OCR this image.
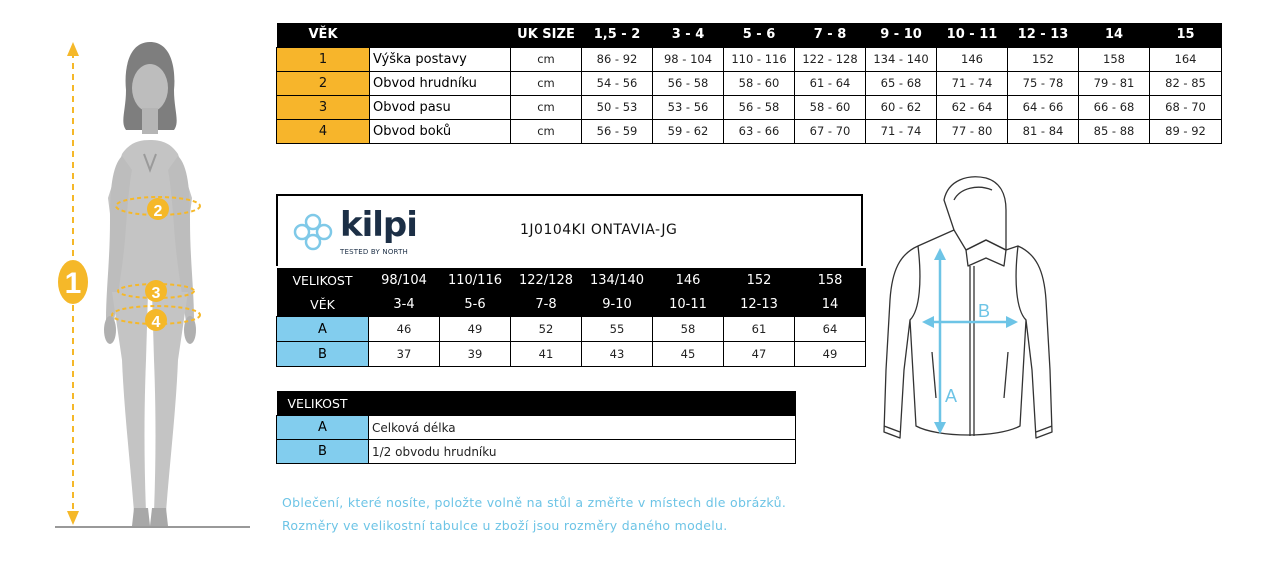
1
2
3
4
VĚK		UK SIZE	1,5 - 2	3 - 4	5 - 6	7 - 8	9 - 10	10 - 11	12 - 13	14	15
1	Výška postavy	cm	86 - 92	98 - 104	110 - 116	122 - 128	134 - 140	146	152	158	164
2	Obvod hrudníku	cm	54 - 56	56 - 58	58 - 60	61 - 64	65 - 68	71 - 74	75 - 78	79 - 81	82 - 85
3	Obvod pasu	cm	50 - 53	53 - 56	56 - 58	58 - 60	60 - 62	62 - 64	64 - 66	66 - 68	68 - 70
4	Obvod boků	cm	56 - 59	59 - 62	63 - 66	67 - 70	71 - 74	77 - 80	81 - 84	85 - 88	89 - 92
kilpi
TESTED BY NORTH
1J0104KI ONTAVIA-JG
VELIKOST	98/104	110/116	122/128	134/140	146	152	158
VĚK	3-4	5-6	7-8	9-10	10-11	12-13	14
A	46	49	52	55	58	61	64
B	37	39	41	43	45	47	49
VELIKOST	
A	Celková délka
B	1/2 obvodu hrudníku
A
B
Oblečení, které nosíte, položte volně na stůl a změřte v místech dle obrázků.
Rozměry ve velikostní tabulce u zboží jsou rozměry daného modelu.
